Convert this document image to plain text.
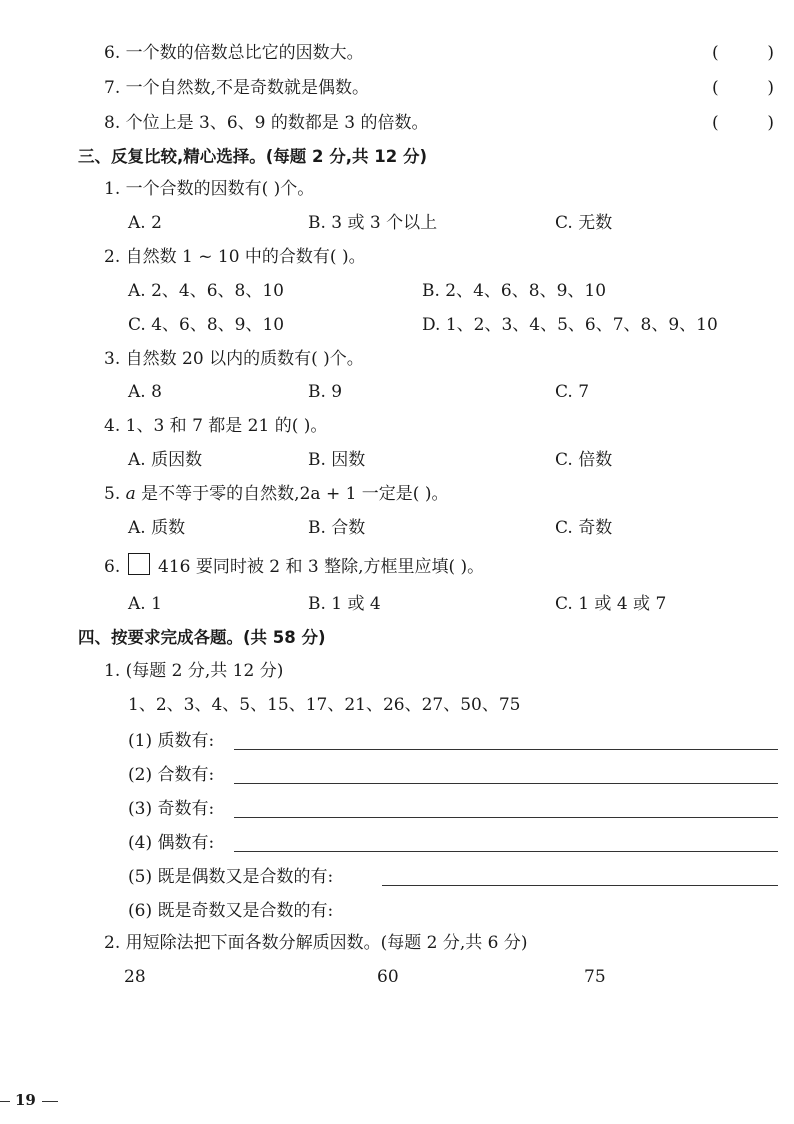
6. 一个数的倍数总比它的因数大。	(	)
7. 一个自然数,不是奇数就是偶数。	(	)
8. 个位上是 3、6、9 的数都是 3 的倍数。	(	)
三、反复比较,精心选择。(每题 2 分,共 12 分)
1. 一个合数的因数有( )个。
A. 2	B. 3 或 3 个以上	C. 无数
2. 自然数 1 ~ 10 中的合数有( )。
A. 2、4、6、8、10	B. 2、4、6、8、9、10
C. 4、6、8、9、10	D. 1、2、3、4、5、6、7、8、9、10
3. 自然数 20 以内的质数有( )个。
A. 8	B. 9	C. 7
4. 1、3 和 7 都是 21 的( )。
A. 质因数	B. 因数	C. 倍数
5. a 是不等于零的自然数,2a + 1 一定是( )。
A. 质数	B. 合数	C. 奇数
6. 416 要同时被 2 和 3 整除,方框里应填( )。
A. 1	B. 1 或 4	C. 1 或 4 或 7
四、按要求完成各题。(共 58 分)
1. (每题 2 分,共 12 分)
1、2、3、4、5、15、17、21、26、27、50、75
(1) 质数有:
(2) 合数有:
(3) 奇数有:
(4) 偶数有:
(5) 既是偶数又是合数的有:
(6) 既是奇数又是合数的有:
2. 用短除法把下面各数分解质因数。(每题 2 分,共 6 分)
28	60	75
19
